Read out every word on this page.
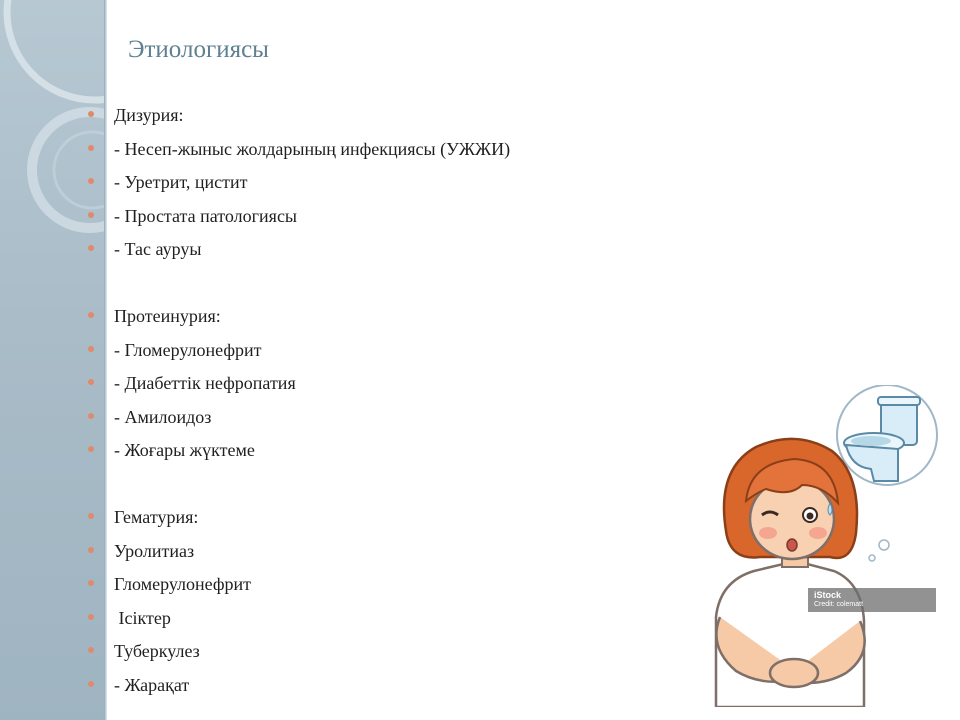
Этиологиясы
Дизурия:
- Несеп-жыныс жолдарының инфекциясы (УЖЖИ)
- Уретрит, цистит
- Простата патологиясы
- Тас ауруы
Протеинурия:
- Гломерулонефрит
- Диабеттік нефропатия
- Амилоидоз
- Жоғары жүктеме
Гематурия:
Уролитиаз
Гломерулонефрит
Ісіктер
Туберкулез
- Жарақат
iStock
Credit: colematt
